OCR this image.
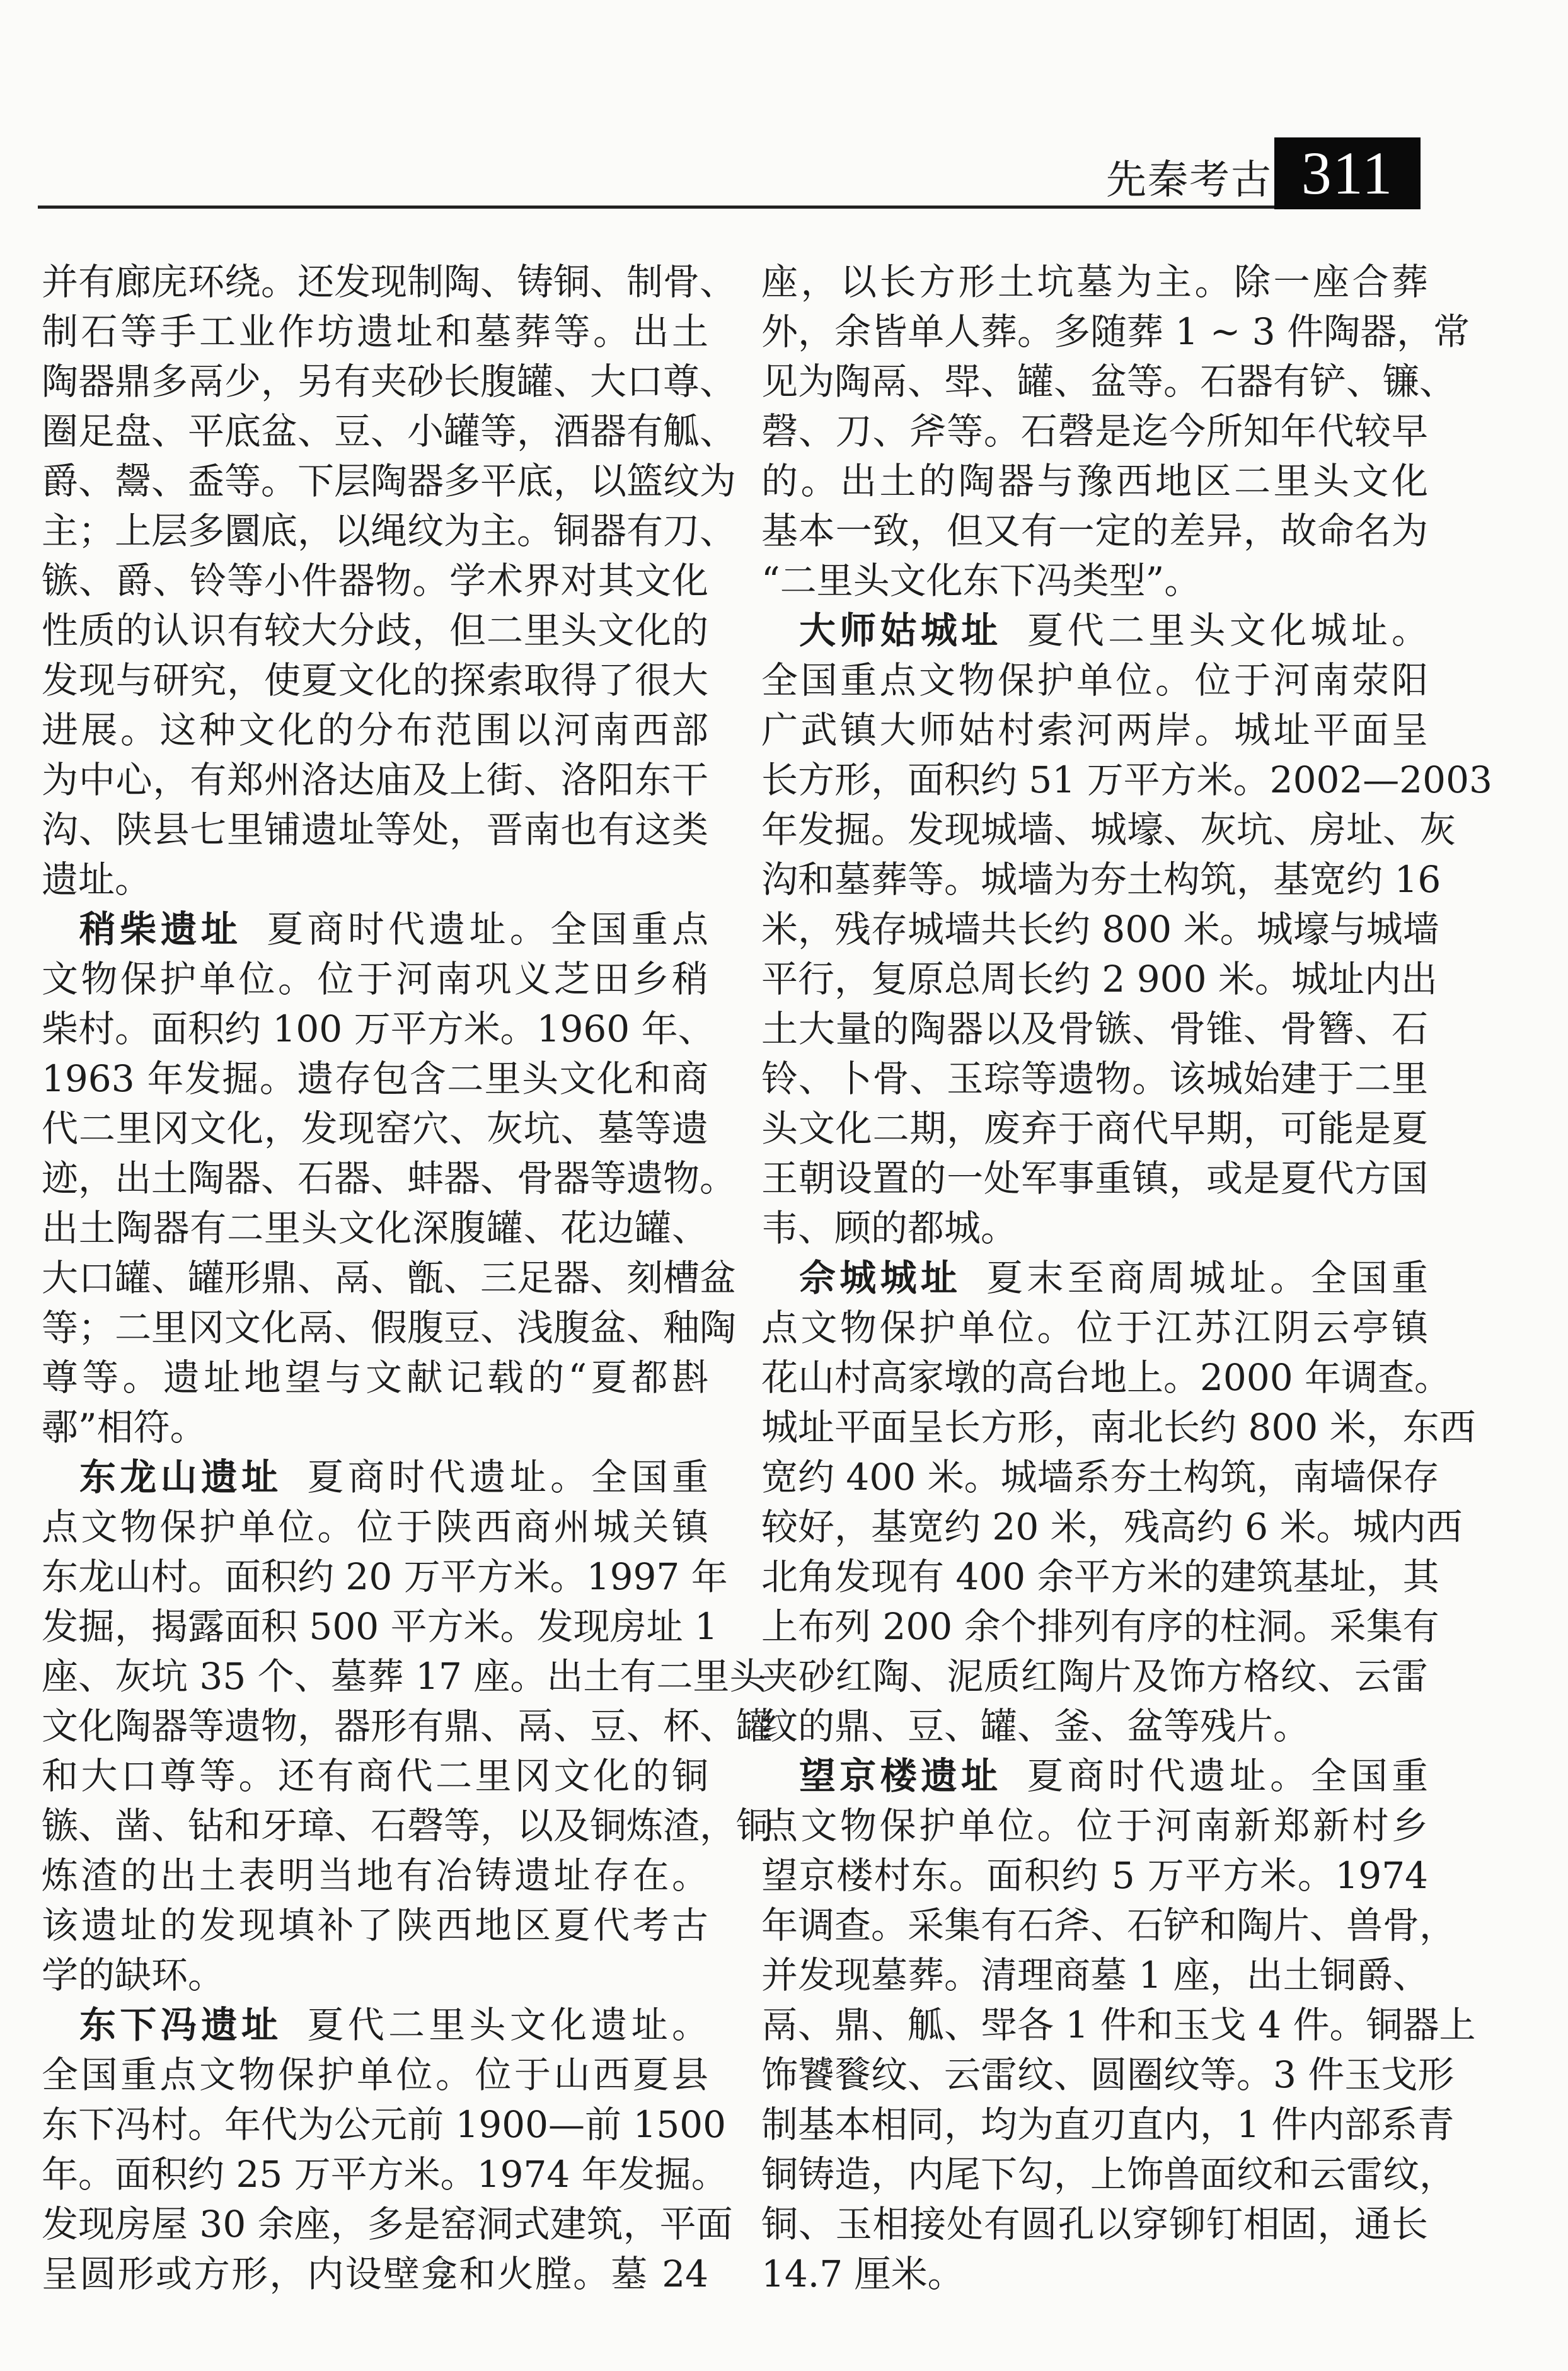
先秦考古 311
并有廊庑环绕。还发现制陶、铸铜、制骨、
制石等手工业作坊遗址和墓葬等。出土
陶器鼎多鬲少，另有夹砂长腹罐、大口尊、
圈足盘、平底盆、豆、小罐等，酒器有觚、
爵、鬶、盉等。下层陶器多平底，以篮纹为
主；上层多圜底，以绳纹为主。铜器有刀、
镞、爵、铃等小件器物。学术界对其文化
性质的认识有较大分歧，但二里头文化的
发现与研究，使夏文化的探索取得了很大
进展。这种文化的分布范围以河南西部
为中心，有郑州洛达庙及上街、洛阳东干
沟、陕县七里铺遗址等处，晋南也有这类
遗址。
稍柴遗址 夏商时代遗址。全国重点
文物保护单位。位于河南巩义芝田乡稍
柴村。面积约 100 万平方米。1960 年、
1963 年发掘。遗存包含二里头文化和商
代二里冈文化，发现窑穴、灰坑、墓等遗
迹，出土陶器、石器、蚌器、骨器等遗物。
出土陶器有二里头文化深腹罐、花边罐、
大口罐、罐形鼎、鬲、甑、三足器、刻槽盆
等；二里冈文化鬲、假腹豆、浅腹盆、釉陶
尊等。遗址地望与文献记载的“夏都斟
鄩”相符。
东龙山遗址 夏商时代遗址。全国重
点文物保护单位。位于陕西商州城关镇
东龙山村。面积约 20 万平方米。1997 年
发掘，揭露面积 500 平方米。发现房址 1
座、灰坑 35 个、墓葬 17 座。出土有二里头
文化陶器等遗物，器形有鼎、鬲、豆、杯、罐
和大口尊等。还有商代二里冈文化的铜
镞、凿、钻和牙璋、石磬等，以及铜炼渣，铜
炼渣的出土表明当地有冶铸遗址存在。
该遗址的发现填补了陕西地区夏代考古
学的缺环。
东下冯遗址 夏代二里头文化遗址。
全国重点文物保护单位。位于山西夏县
东下冯村。年代为公元前 1900—前 1500
年。面积约 25 万平方米。1974 年发掘。
发现房屋 30 余座，多是窑洞式建筑，平面
呈圆形或方形，内设壁龛和火膛。墓 24
座，以长方形土坑墓为主。除一座合葬
外，余皆单人葬。多随葬 1 ~ 3 件陶器，常
见为陶鬲、斝、罐、盆等。石器有铲、镰、
磬、刀、斧等。石磬是迄今所知年代较早
的。出土的陶器与豫西地区二里头文化
基本一致，但又有一定的差异，故命名为
“二里头文化东下冯类型”。
大师姑城址 夏代二里头文化城址。
全国重点文物保护单位。位于河南荥阳
广武镇大师姑村索河两岸。城址平面呈
长方形，面积约 51 万平方米。2002—2003
年发掘。发现城墙、城壕、灰坑、房址、灰
沟和墓葬等。城墙为夯土构筑，基宽约 16
米，残存城墙共长约 800 米。城壕与城墙
平行，复原总周长约 2 900 米。城址内出
土大量的陶器以及骨镞、骨锥、骨簪、石
铃、卜骨、玉琮等遗物。该城始建于二里
头文化二期，废弃于商代早期，可能是夏
王朝设置的一处军事重镇，或是夏代方国
韦、顾的都城。
佘城城址 夏末至商周城址。全国重
点文物保护单位。位于江苏江阴云亭镇
花山村高家墩的高台地上。2000 年调查。
城址平面呈长方形，南北长约 800 米，东西
宽约 400 米。城墙系夯土构筑，南墙保存
较好，基宽约 20 米，残高约 6 米。城内西
北角发现有 400 余平方米的建筑基址，其
上布列 200 余个排列有序的柱洞。采集有
夹砂红陶、泥质红陶片及饰方格纹、云雷
纹的鼎、豆、罐、釜、盆等残片。
望京楼遗址 夏商时代遗址。全国重
点文物保护单位。位于河南新郑新村乡
望京楼村东。面积约 5 万平方米。1974
年调查。采集有石斧、石铲和陶片、兽骨，
并发现墓葬。清理商墓 1 座，出土铜爵、
鬲、鼎、觚、斝各 1 件和玉戈 4 件。铜器上
饰饕餮纹、云雷纹、圆圈纹等。3 件玉戈形
制基本相同，均为直刃直内，1 件内部系青
铜铸造，内尾下勾，上饰兽面纹和云雷纹，
铜、玉相接处有圆孔以穿铆钉相固，通长
14.7 厘米。
